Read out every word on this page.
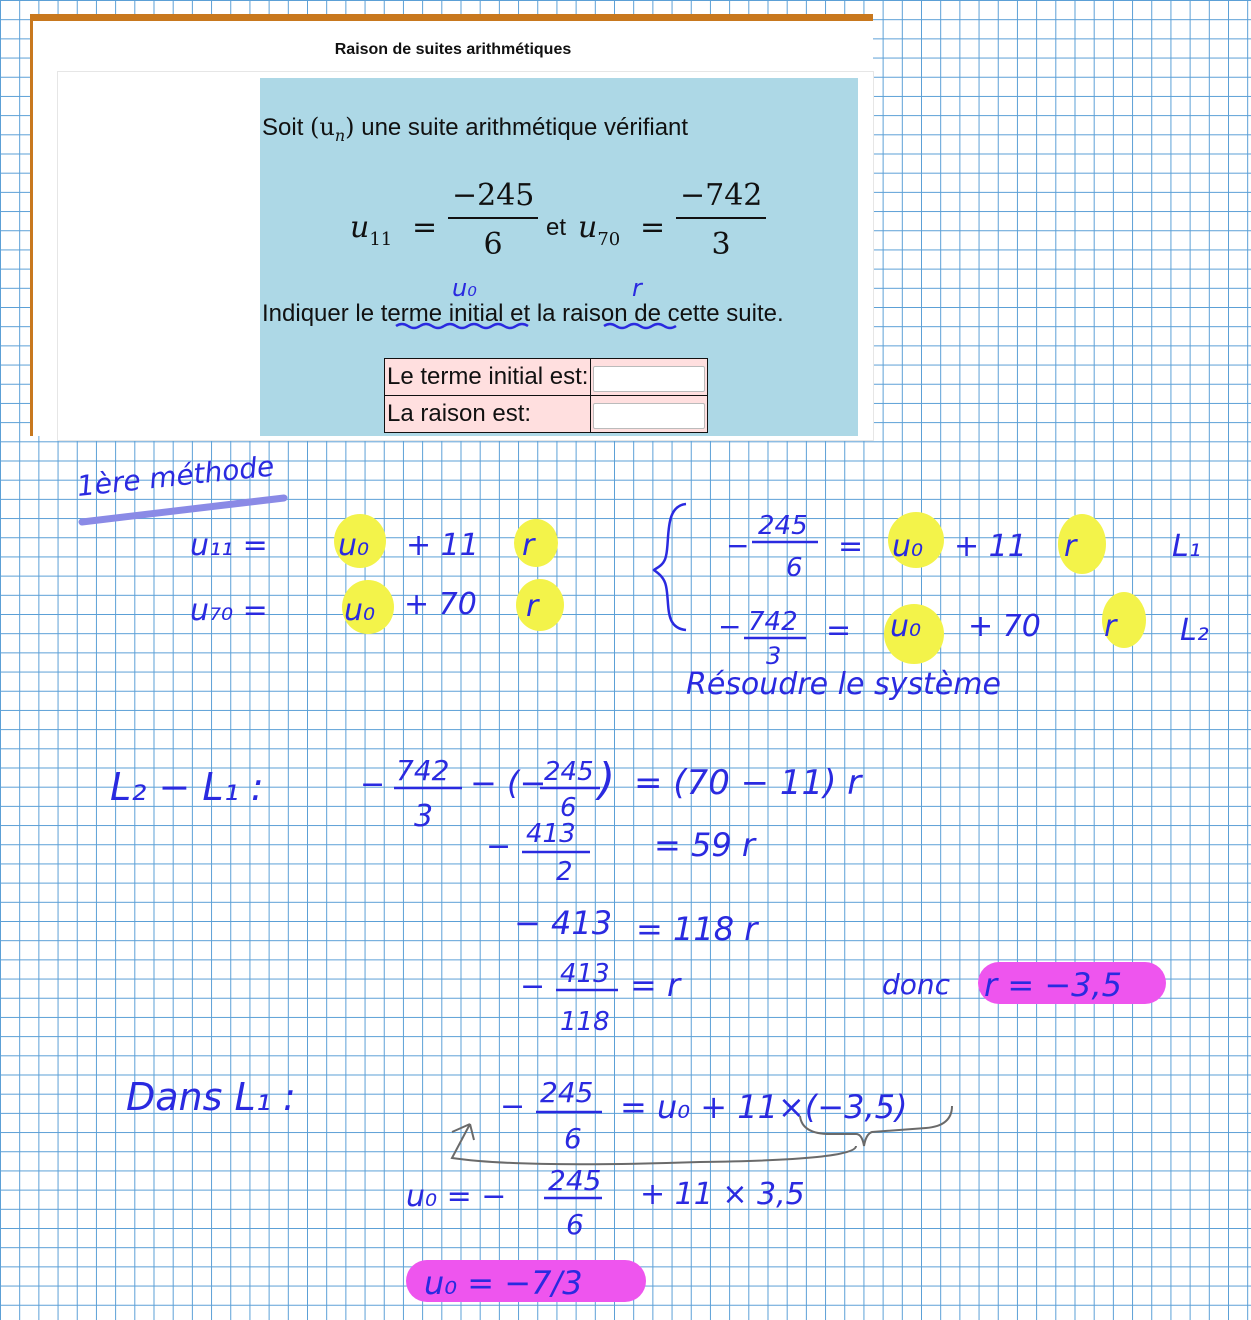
Raison de suites arithmétiques
Soit $(u_n)$ une suite arithmétique vérifiant
$u_{11} = \frac{-245}{6}$ et $u_{70} = \frac{-742}{3}$
Indiquer le terme initial et la raison de cette suite.
Le terme initial est:	
La raison est:	
u₀	r
1ère méthode
u₁₁ = u₀ + 11 r
u₇₀ =	u₀ + 70 r
−
245
6
= u₀ + 11 r	L₁
− 742
3
= u₀ + 70 r L₂
Résoudre le système
L₂ − L₁ :	− 742
3
− (−
245
6
) = (70 − 11) r
− 413
2
= 59 r
− 413 = 118 r
− 413
118
= r	donc r = −3,5
Dans L₁ :	− 245
6
= u₀ + 11×(−3,5)
u₀ = − 245
6
+ 11 × 3,5
u₀ = −7/3
